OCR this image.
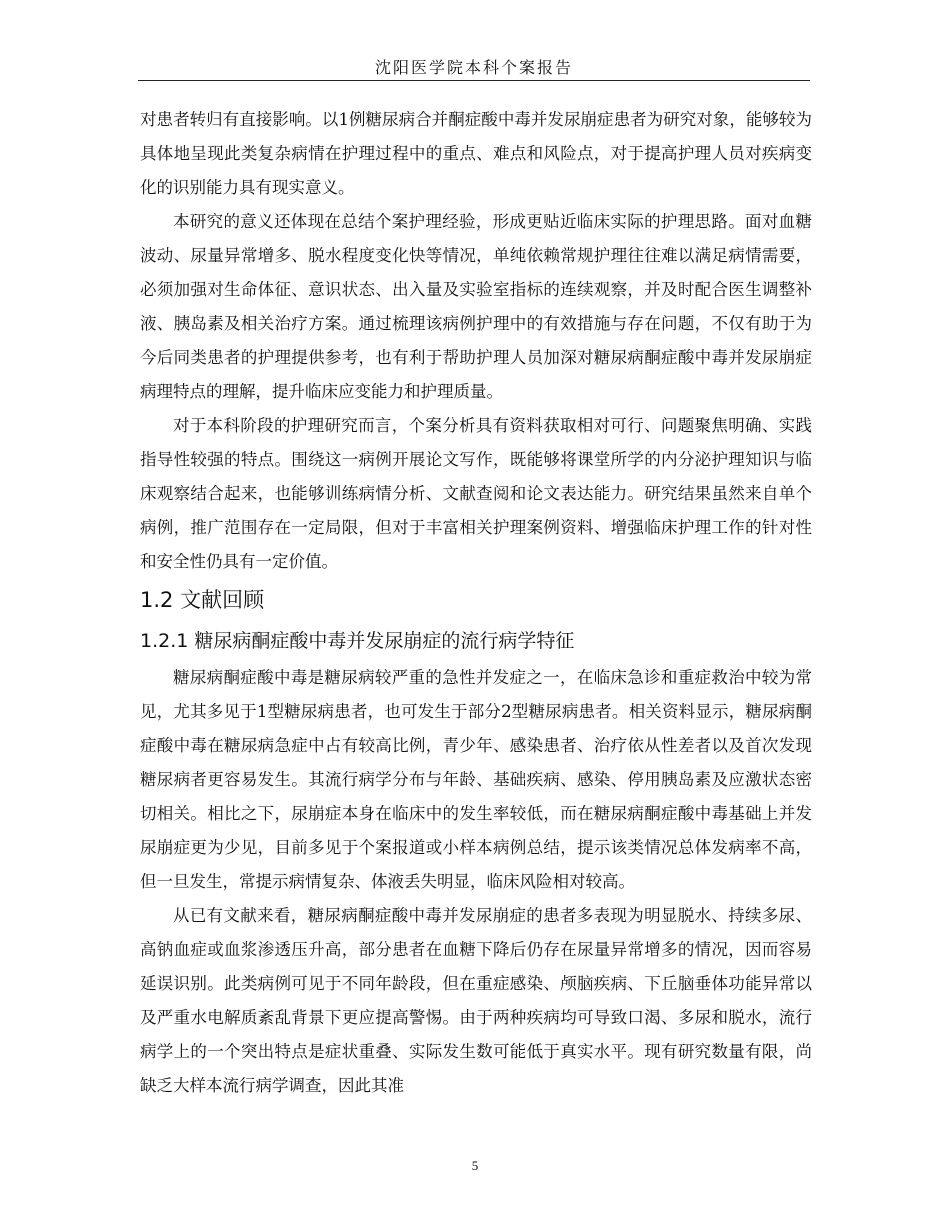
沈阳医学院本科个案报告

对患者转归有直接影响。以1例糖尿病合并酮症酸中毒并发尿崩症患者为研究对象，能够较为具体地呈现此类复杂病情在护理过程中的重点、难点和风险点，对于提高护理人员对疾病变化的识别能力具有现实意义。

本研究的意义还体现在总结个案护理经验，形成更贴近临床实际的护理思路。面对血糖波动、尿量异常增多、脱水程度变化快等情况，单纯依赖常规护理往往难以满足病情需要，必须加强对生命体征、意识状态、出入量及实验室指标的连续观察，并及时配合医生调整补液、胰岛素及相关治疗方案。通过梳理该病例护理中的有效措施与存在问题，不仅有助于为今后同类患者的护理提供参考，也有利于帮助护理人员加深对糖尿病酮症酸中毒并发尿崩症病理特点的理解，提升临床应变能力和护理质量。

对于本科阶段的护理研究而言，个案分析具有资料获取相对可行、问题聚焦明确、实践指导性较强的特点。围绕这一病例开展论文写作，既能够将课堂所学的内分泌护理知识与临床观察结合起来，也能够训练病情分析、文献查阅和论文表达能力。研究结果虽然来自单个病例，推广范围存在一定局限，但对于丰富相关护理案例资料、增强临床护理工作的针对性和安全性仍具有一定价值。

1.2 文献回顾
1.2.1 糖尿病酮症酸中毒并发尿崩症的流行病学特征

糖尿病酮症酸中毒是糖尿病较严重的急性并发症之一，在临床急诊和重症救治中较为常见，尤其多见于1型糖尿病患者，也可发生于部分2型糖尿病患者。相关资料显示，糖尿病酮症酸中毒在糖尿病急症中占有较高比例，青少年、感染患者、治疗依从性差者以及首次发现糖尿病者更容易发生。其流行病学分布与年龄、基础疾病、感染、停用胰岛素及应激状态密切相关。相比之下，尿崩症本身在临床中的发生率较低，而在糖尿病酮症酸中毒基础上并发尿崩症更为少见，目前多见于个案报道或小样本病例总结，提示该类情况总体发病率不高，但一旦发生，常提示病情复杂、体液丢失明显，临床风险相对较高。

从已有文献来看，糖尿病酮症酸中毒并发尿崩症的患者多表现为明显脱水、持续多尿、高钠血症或血浆渗透压升高，部分患者在血糖下降后仍存在尿量异常增多的情况，因而容易延误识别。此类病例可见于不同年龄段，但在重症感染、颅脑疾病、下丘脑垂体功能异常以及严重水电解质紊乱背景下更应提高警惕。由于两种疾病均可导致口渴、多尿和脱水，流行病学上的一个突出特点是症状重叠、实际发生数可能低于真实水平。现有研究数量有限，尚缺乏大样本流行病学调查，因此其准

5
